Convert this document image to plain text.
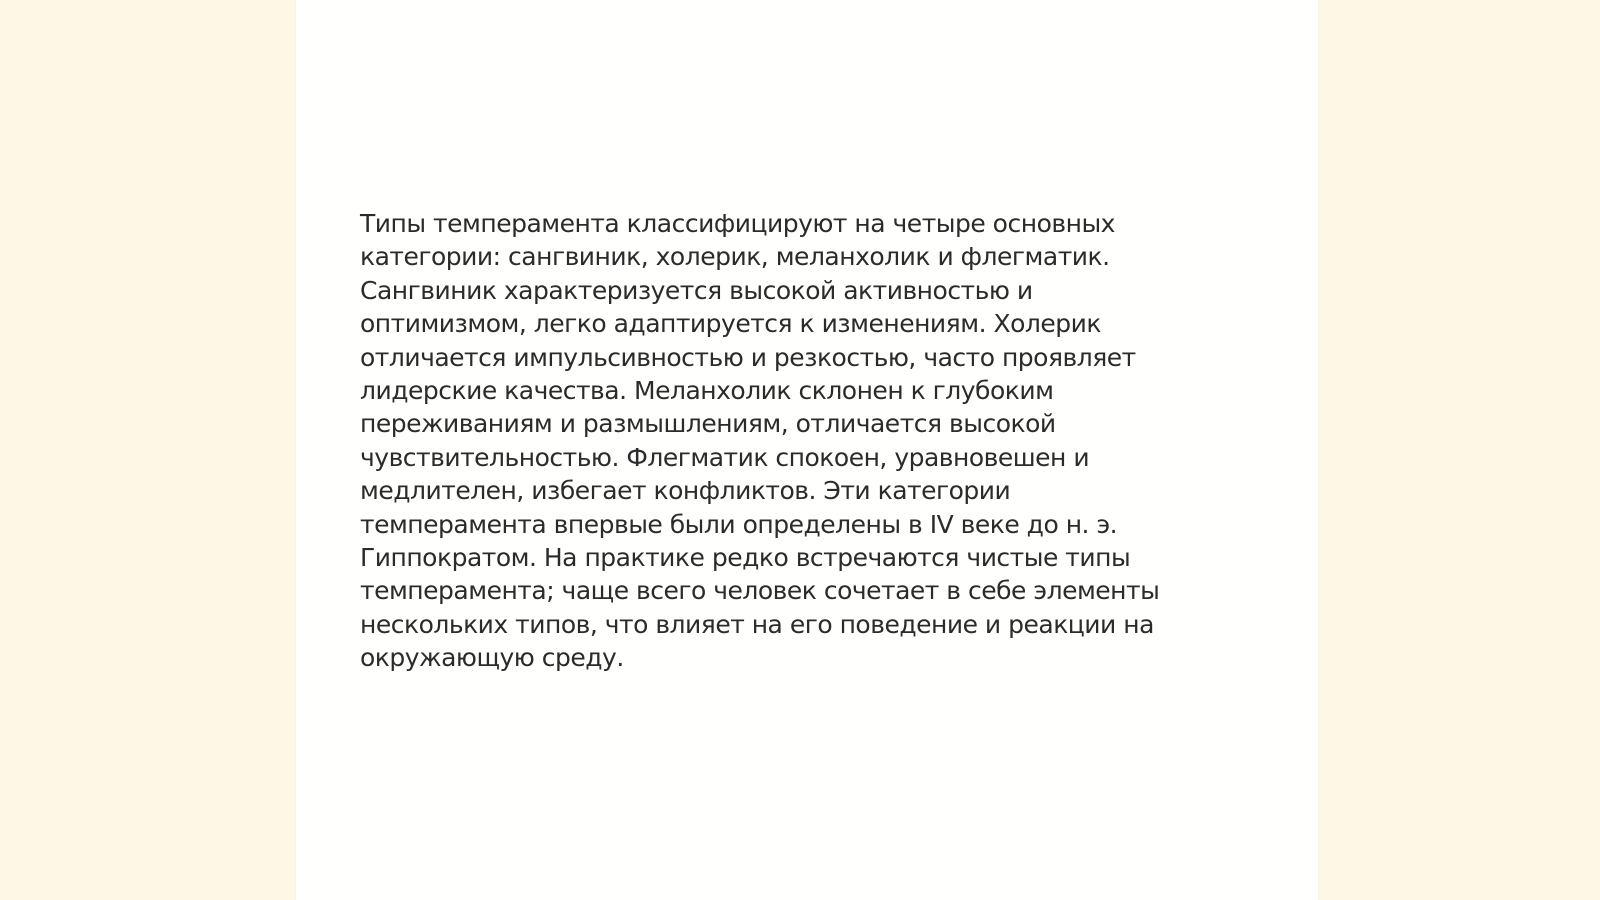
Типы темперамента классифицируют на четыре основных
категории: сангвиник, холерик, меланхолик и флегматик.
Сангвиник характеризуется высокой активностью и
оптимизмом, легко адаптируется к изменениям. Холерик
отличается импульсивностью и резкостью, часто проявляет
лидерские качества. Меланхолик склонен к глубоким
переживаниям и размышлениям, отличается высокой
чувствительностью. Флегматик спокоен, уравновешен и
медлителен, избегает конфликтов. Эти категории
темперамента впервые были определены в IV веке до н. э.
Гиппократом. На практике редко встречаются чистые типы
темперамента; чаще всего человек сочетает в себе элементы
нескольких типов, что влияет на его поведение и реакции на
окружающую среду.
